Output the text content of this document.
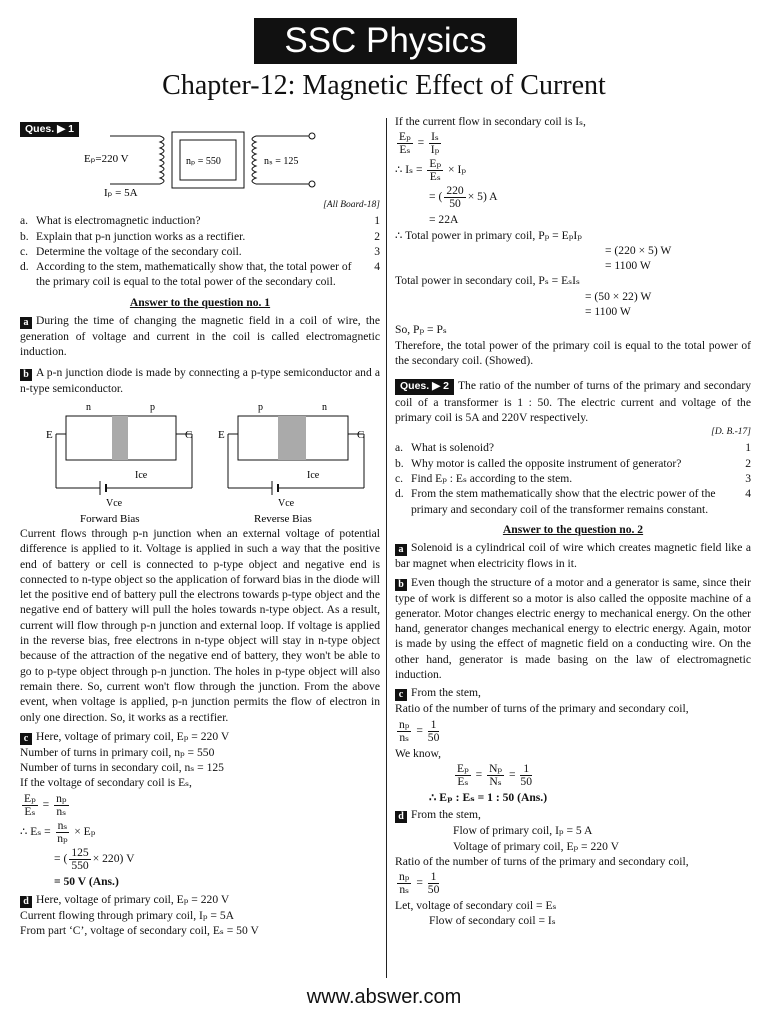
SSC Physics
Chapter-12: Magnetic Effect of Current
Ques. ▶ 1
Eₚ=220 V	nₚ = 550	nₛ = 125
Iₚ = 5A

[All Board-18]

a. What is electromagnetic induction?	1
b. Explain that p-n junction works as a rectifier.	2
c. Determine the voltage of the secondary coil.	3
d. According to the stem, mathematically show that, the total power of the primary coil is equal to the total power of the secondary coil.
4
Answer to the question no. 1

a During the time of changing the magnetic field in a coil of wire, the generation of voltage and current in the coil is called electromagnetic induction.

b A p-n junction diode is made by connecting a p-type semiconductor and a n-type semiconductor.

n	p
E	C
Ice
Vce
Forward Bias
p	n
E	C
Ice
Vce
Reverse Bias

Current flows through p-n junction when an external voltage of potential difference is applied to it. Voltage is applied in such a way that the positive end of battery or cell is connected to p-type object and negative end is connected to n-type object so the application of forward bias in the diode will let the positive end of battery pull the electrons towards p-type object and the negative end of battery will pull the holes towards n-type object. As a result, current will flow through p-n junction and external loop. If voltage is applied in the reverse bias, free electrons in n-type object will stay in n-type object because of the attraction of the negative end of battery, they won't be able to go to p-type object through p-n junction. The holes in p-type object will also remain there. So, current won't flow through the junction. From the above event, when voltage is applied, p-n junction permits the flow of electron in only one direction. So, it works as a rectifier.

c Here, voltage of primary coil, Eₚ = 220 V

Number of turns in primary coil, nₚ = 550

Number of turns in secondary coil, nₛ = 125

If the voltage of secondary coil is Eₛ,

$\frac{\text{Eₚ}}{\text{Eₛ}} = \frac{\text{nₚ}}{\text{nₛ}}$
∴ $E_s = \frac{\text{nₛ}}{\text{nₚ}} \times E_p$
= ( $\frac{125}{550} \times 220$) V

= 50 V (Ans.)

d Here, voltage of primary coil, Eₚ = 220 V

Current flowing through primary coil, Iₚ = 5A

From part ‘C’, voltage of secondary coil, Eₛ = 50 V

If the current flow in secondary coil is Iₛ,

$\frac{\text{Eₚ}}{\text{Eₛ}} = \frac{\text{Iₛ}}{\text{Iₚ}}$
∴ $I_s = \frac{\text{Eₚ}}{\text{Eₛ}} \times I_p$
= ( $\frac{220}{50} \times 5$) A

= 22A

∴ Total power in primary coil, Pₚ = EₚIₚ

= (220 × 5) W

= 1100 W

Total power in secondary coil, Pₛ = EₛIₛ

= (50 × 22) W

= 1100 W

So, Pₚ = Pₛ

Therefore, the total power of the primary coil is equal to the total power of the secondary coil. (Showed).

Ques. ▶ 2 The ratio of the number of turns of the primary and secondary coil of a transformer is 1 : 50. The electric current and voltage of the primary coil is 5A and 220V respectively.

[D. B.-17]

a. What is solenoid?	1
b. Why motor is called the opposite instrument of generator?	2
c. Find Eₚ : Eₛ according to the stem.	3
d. From the stem mathematically show that the electric power of the primary and secondary coil of the transformer remains constant.
4
Answer to the question no. 2

a Solenoid is a cylindrical coil of wire which creates magnetic field like a bar magnet when electricity flows in it.

b Even though the structure of a motor and a generator is same, since their type of work is different so a motor is also called the opposite machine of a generator. Motor changes electric energy to mechanical energy. On the other hand, generator changes mechanical energy to electric energy. Again, motor is made by using the effect of magnetic field on a conducting wire. On the other hand, generator is made basing on the law of electromagnetic induction.

c From the stem,

Ratio of the number of turns of the primary and secondary coil,

$\frac{\text{nₚ}}{\text{nₛ}} = \frac{1}{50}$

We know,

$\frac{\text{Eₚ}}{\text{Eₛ}} = \frac{\text{Nₚ}}{\text{Nₛ}} = \frac{1}{50}$

∴ Eₚ : Eₛ = 1 : 50 (Ans.)

d From the stem,

Flow of primary coil, Iₚ = 5 A

Voltage of primary coil, Eₚ = 220 V

Ratio of the number of turns of the primary and secondary coil,

$\frac{\text{nₚ}}{\text{nₛ}} = \frac{1}{50}$

Let, voltage of secondary coil = Eₛ

Flow of secondary coil = Iₛ

www.abswer.com
